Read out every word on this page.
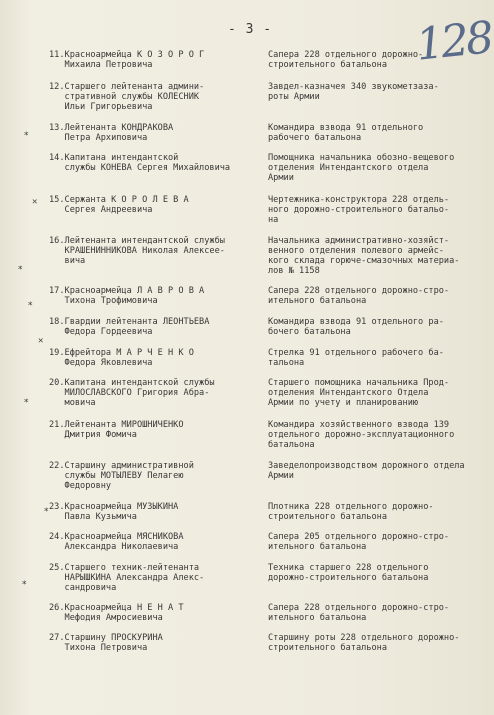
- 3 -	128
11.Красноармейца К О З О Р О Г
Михаила Петровича
Сапера 228 отдельного дорожно-
строительного батальона
12.Старшего лейтенанта админи-
стративной службы КОЛЕСНИК
Ильи Григорьевича
Завдел-казначея 340 звукометзаза-
роты Армии
13.Лейтенанта КОНДРАКОВА
Петра Архиповича
Командира взвода 91 отдельного
рабочего батальона
14.Капитана интендантской
службы КОНЕВА Сергея Михайловича
Помощника начальника обозно-вещевого
отделения Интендантского отдела
Армии
15.Сержанта К О Р О Л Е В А
Сергея Андреевича
Чертежника-конструктора 228 отдель-
ного дорожно-строительного батальо-
на
16.Лейтенанта интендантской службы
КРАШЕНИННИКОВА Николая Алексее-
вича
Начальника административно-хозяйст-
венного отделения полевого армейс-
кого склада горюче-смазочных материа-
лов № 1158
17.Красноармейца Л А В Р О В А
Тихона Трофимовича
Сапера 228 отдельного дорожно-стро-
ительного батальона
18.Гвардии лейтенанта ЛЕОНТЬЕВА
Федора Гордеевича
Командира взвода 91 отдельного ра-
бочего батальона
19.Ефрейтора М А Р Ч Е Н К О
Федора Яковлевича
Стрелка 91 отдельного рабочего ба-
тальона
20.Капитана интендантской службы
МИЛОСЛАВСКОГО Григория Абра-
мовича
Старшего помощника начальника Прод-
отделения Интендантского Отдела
Армии по учету и планированию
21.Лейтенанта МИРОШНИЧЕНКО
Дмитрия Фомича
Командира хозяйственного взвода 139
отдельного дорожно-эксплуатационного
батальона
22.Старшину административной
службы МОТЫЛЕВУ Пелагею
Федоровну
Заведелопроизводством дорожного отдела
Армии
23.Красноармейца МУЗЫКИНА
Павла Кузьмича
Плотника 228 отдельного дорожно-
строительного батальона
24.Красноармейца МЯСНИКОВА
Александра Николаевича
Сапера 205 отдельного дорожно-стро-
ительного батальона
25.Старшего техник-лейтенанта
НАРЫШКИНА Александра Алекс-
сандровича
Техника старшего 228 отдельного
дорожно-строительного батальона
26.Красноармейца Н Е Н А Т
Мефодия Амросиевича
Сапера 228 отдельного дорожно-стро-
ительного батальона
27.Старшину ПРОСКУРИНА
Тихона Петровича
Старшину роты 228 отдельного дорожно-
строительного батальона
⁎
✕
⁎
⁎
✕
⁎
⁎
⁎
